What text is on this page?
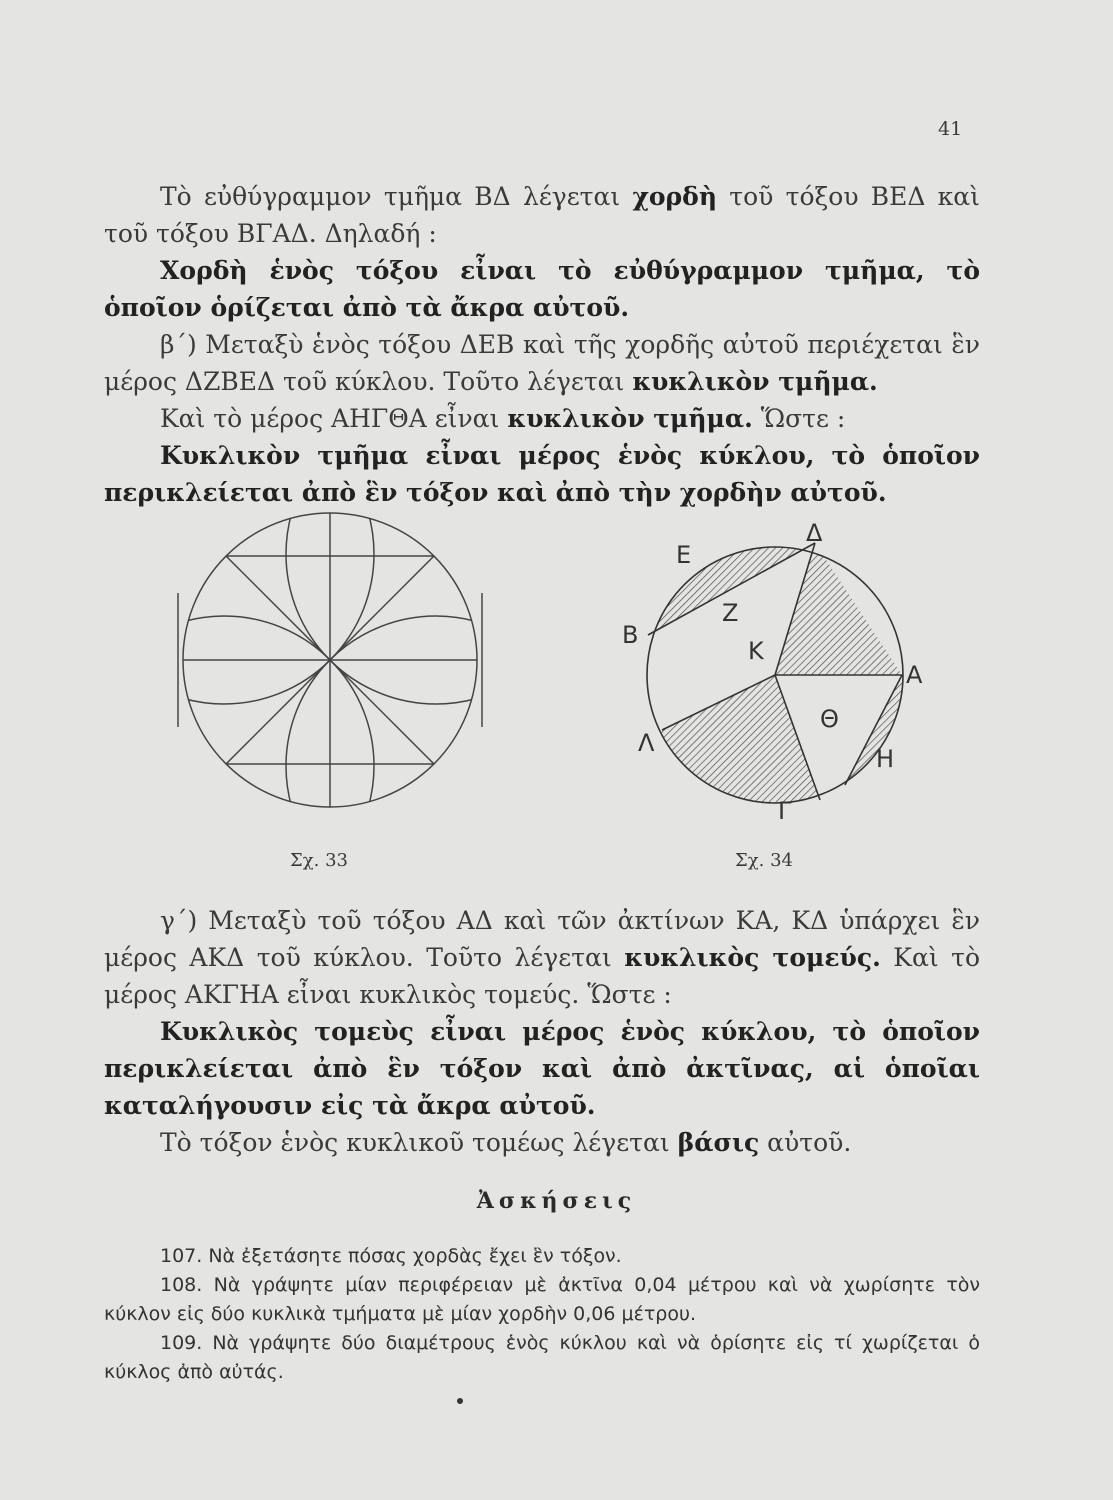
41

Τὸ εὐθύγραμμον τμῆμα ΒΔ λέγεται χορδὴ τοῦ τόξου ΒΕΔ καὶ τοῦ τόξου ΒΓΑΔ. Δηλαδή :

Χορδὴ ἑνὸς τόξου εἶναι τὸ εὐθύγραμμον τμῆμα, τὸ ὁποῖον ὁρίζεται ἀπὸ τὰ ἄκρα αὐτοῦ.

β΄) Μεταξὺ ἑνὸς τόξου ΔΕΒ καὶ τῆς χορδῆς αὐτοῦ περιέχεται ἓν μέρος ΔΖΒΕΔ τοῦ κύκλου. Τοῦτο λέγεται κυκλικὸν τμῆμα.

Καὶ τὸ μέρος ΑΗΓΘΑ εἶναι κυκλικὸν τμῆμα. Ὥστε :

Κυκλικὸν τμῆμα εἶναι μέρος ἑνὸς κύκλου, τὸ ὁποῖον περικλείεται ἀπὸ ἓν τόξον καὶ ἀπὸ τὴν χορδὴν αὐτοῦ.

Σχ. 33
Δ
Ε
Β
Ζ
Κ
Α
Θ
Λ
Η
Γ
Σχ. 34

γ΄) Μεταξὺ τοῦ τόξου ΑΔ καὶ τῶν ἀκτίνων ΚΑ, ΚΔ ὑπάρχει ἓν μέρος ΑΚΔ τοῦ κύκλου. Τοῦτο λέγεται κυκλικὸς τομεύς. Καὶ τὸ μέρος ΑΚΓΗΑ εἶναι κυκλικὸς τομεύς. Ὥστε :

Κυκλικὸς τομεὺς εἶναι μέρος ἑνὸς κύκλου, τὸ ὁποῖον περικλείεται ἀπὸ ἓν τόξον καὶ ἀπὸ ἀκτῖνας, αἱ ὁποῖαι καταλήγουσιν εἰς τὰ ἄκρα αὐτοῦ.

Τὸ τόξον ἑνὸς κυκλικοῦ τομέως λέγεται βάσις αὐτοῦ.

Ἀσκήσεις
107. Νὰ ἐξετάσητε πόσας χορδὰς ἔχει ἓν τόξον.
108. Νὰ γράψητε μίαν περιφέρειαν μὲ ἀκτῖνα 0,04 μέτρου καὶ νὰ χωρίσητε τὸν κύκλον εἰς δύο κυκλικὰ τμήματα μὲ μίαν χορδὴν 0,06 μέτρου.
109. Νὰ γράψητε δύο διαμέτρους ἑνὸς κύκλου καὶ νὰ ὁρίσητε εἰς τί χωρίζεται ὁ κύκλος ἀπὸ αὐτάς.
